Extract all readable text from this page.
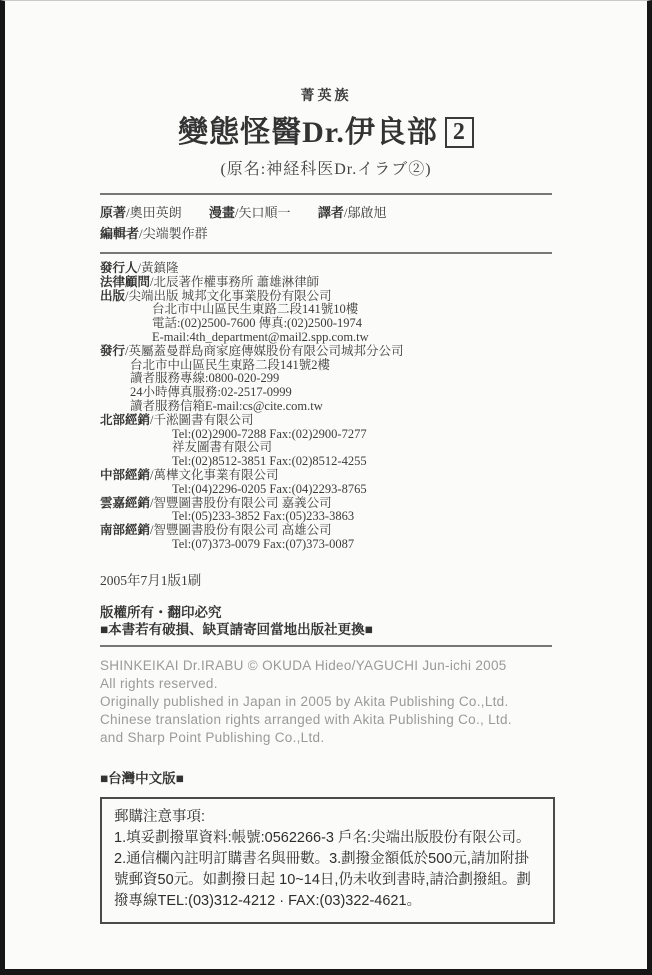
菁英族
變態怪醫Dr.伊良部 2
(原名:神経科医Dr.イラブ②)
原著/奧田英朗 漫畫/矢口順一 譯者/鄔啟旭
編輯者/尖端製作群
發行人/黃鎮隆
法律顧問/北辰著作權事務所 蕭雄淋律師
出版/尖端出版 城邦文化事業股份有限公司
台北市中山區民生東路二段141號10樓
電話:(02)2500-7600 傳真:(02)2500-1974
E-mail:4th_department@mail2.spp.com.tw
發行/英屬蓋曼群島商家庭傳媒股份有限公司城邦分公司
台北市中山區民生東路二段141號2樓
讀者服務專線:0800-020-299
24小時傳真服務:02-2517-0999
讀者服務信箱E-mail:cs@cite.com.tw
北部經銷/千淞圖書有限公司
Tel:(02)2900-7288 Fax:(02)2900-7277
祥友圖書有限公司
Tel:(02)8512-3851 Fax:(02)8512-4255
中部經銷/萬樺文化事業有限公司
Tel:(04)2296-0205 Fax:(04)2293-8765
雲嘉經銷/智豐圖書股份有限公司 嘉義公司
Tel:(05)233-3852 Fax:(05)233-3863
南部經銷/智豐圖書股份有限公司 高雄公司
Tel:(07)373-0079 Fax:(07)373-0087
2005年7月1版1刷
版權所有・翻印必究
■本書若有破損、缺頁請寄回當地出版社更換■
SHINKEIKAI Dr.IRABU © OKUDA Hideo/YAGUCHI Jun-ichi 2005
All rights reserved.
Originally published in Japan in 2005 by Akita Publishing Co.,Ltd.
Chinese translation rights arranged with Akita Publishing Co., Ltd.
and Sharp Point Publishing Co.,Ltd.
■台灣中文版■
郵購注意事項:
1.填妥劃撥單資料:帳號:0562266-3 戶名:尖端出版股份有限公司。2.通信欄內註明訂購書名與冊數。3.劃撥金額低於500元,請加附掛號郵資50元。如劃撥日起 10~14日,仍未收到書時,請洽劃撥組。劃撥專線TEL:(03)312-4212 · FAX:(03)322-4621。
